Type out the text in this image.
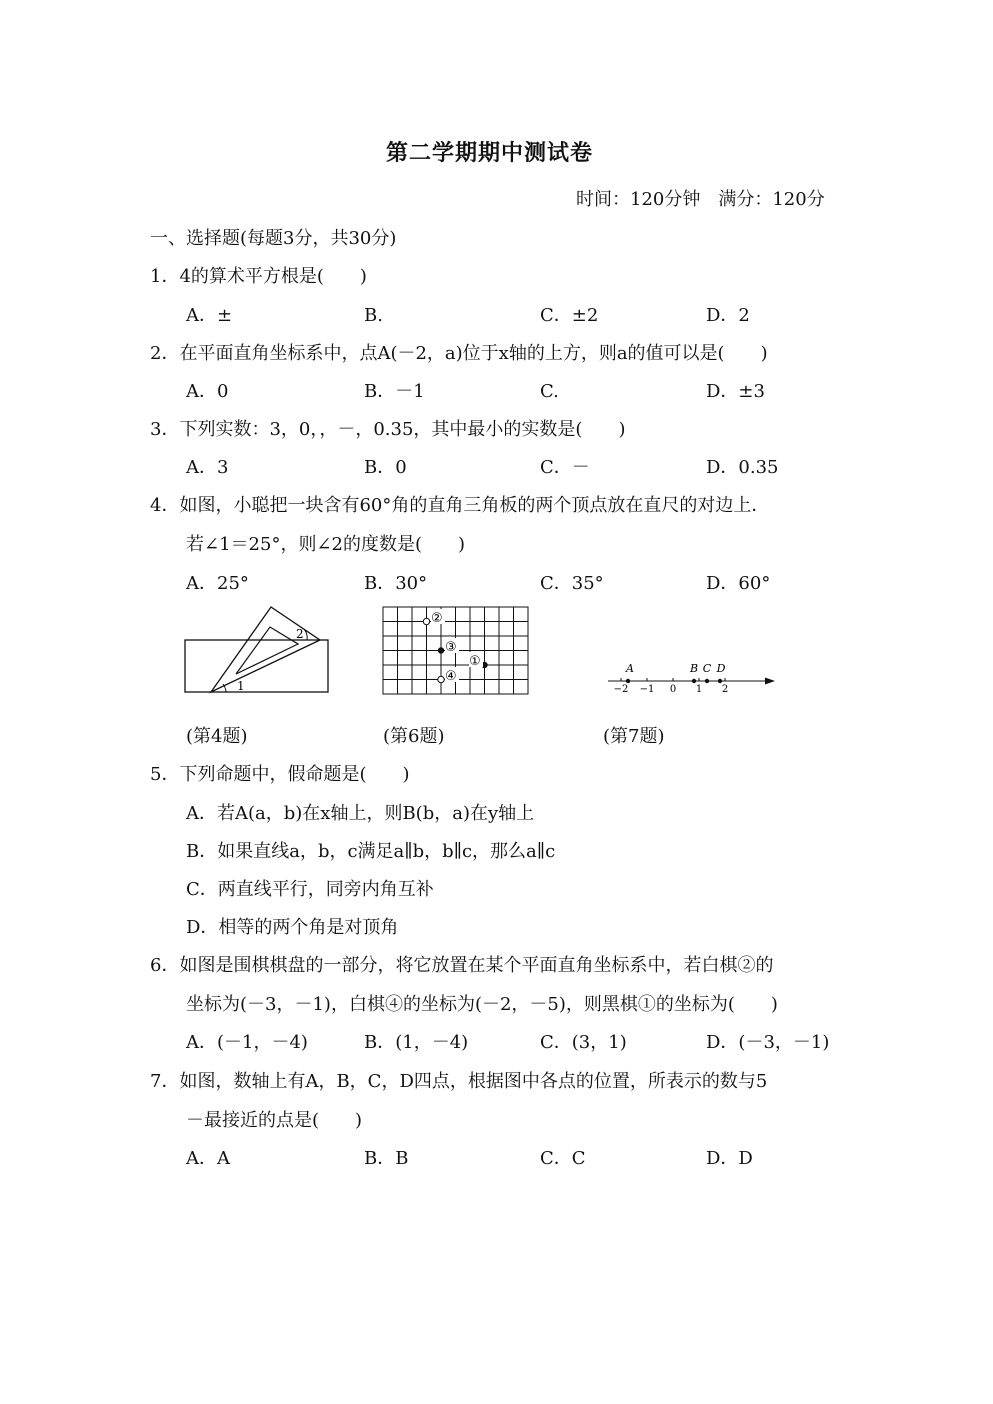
第二学期期中测试卷
时间：120分钟　满分：120分
一、选择题(每题3分，共30分)
1．4的算术平方根是(　　)
A．±	B.	C．±2	D．2
2．在平面直角坐标系中，点A(－2，a)位于x轴的上方，则a的值可以是(　　)
A．0	B．－1	C.	D．±3
3．下列实数：3，0，，－，0.35，其中最小的实数是(　　)
A．3	B．0	C．－	D．0.35
4．如图，小聪把一块含有60°角的直角三角板的两个顶点放在直尺的对边上．
若∠1＝25°，则∠2的度数是(　　)
A．25°	B．30°	C．35°	D．60°
1
2
②
③
①
④
−2 −1 0 1 2
A	B C D
(第4题)	(第6题)	(第7题)
5．下列命题中，假命题是(　　)
A．若A(a，b)在x轴上，则B(b，a)在y轴上
B．如果直线a，b，c满足a∥b，b∥c，那么a∥c
C．两直线平行，同旁内角互补
D．相等的两个角是对顶角
6．如图是围棋棋盘的一部分，将它放置在某个平面直角坐标系中，若白棋②的
坐标为(－3，－1)，白棋④的坐标为(－2，－5)，则黑棋①的坐标为(　　)
A．(－1，－4)	B．(1，－4)	C．(3，1)	D．(－3，－1)
7．如图，数轴上有A，B，C，D四点，根据图中各点的位置，所表示的数与5
－最接近的点是(　　)
A．A	B．B	C．C	D．D
